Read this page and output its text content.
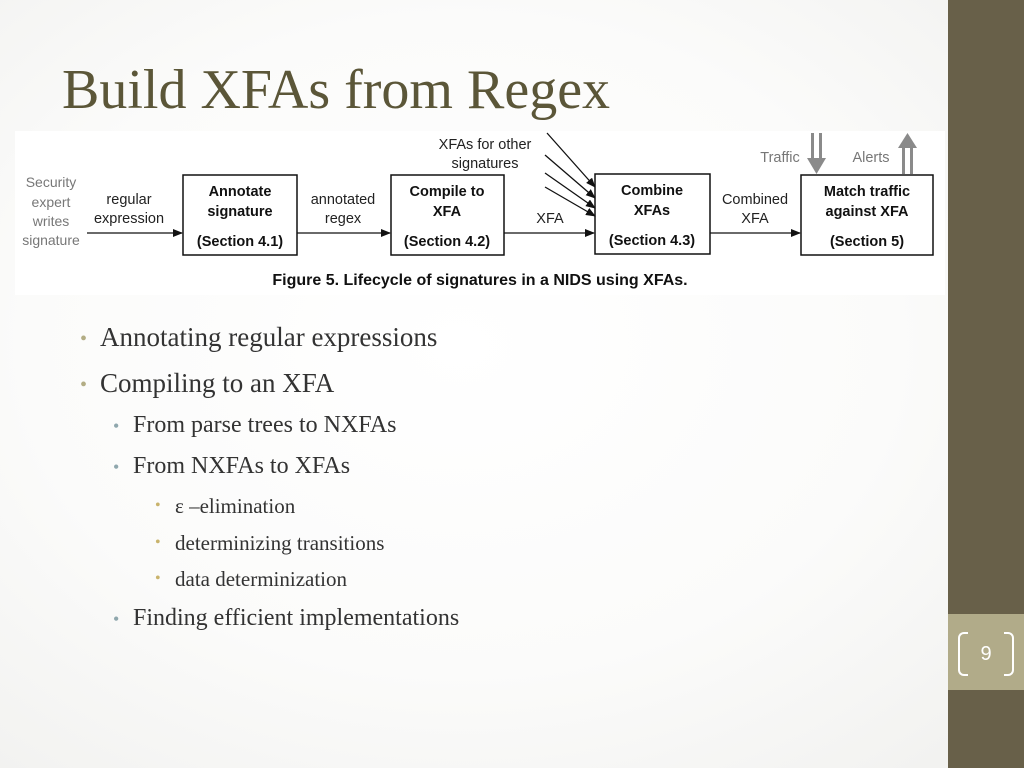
9
Build XFAs from Regex
Security
expert
writes
signature
regular
expression
annotated
regex	XFA
Combined
XFA
XFAs for other
signatures	Traffic	Alerts
Annotate
signature
(Section 4.1)
Compile to
XFA
(Section 4.2)
Combine
XFAs
(Section 4.3)
Match traffic
against XFA
(Section 5)
Figure 5. Lifecycle of signatures in a NIDS using XFAs.
• Annotating regular expressions
• Compiling to an XFA
• From parse trees to NXFAs
• From NXFAs to XFAs
• ε –elimination
• determinizing transitions
• data determinization
• Finding efficient implementations
